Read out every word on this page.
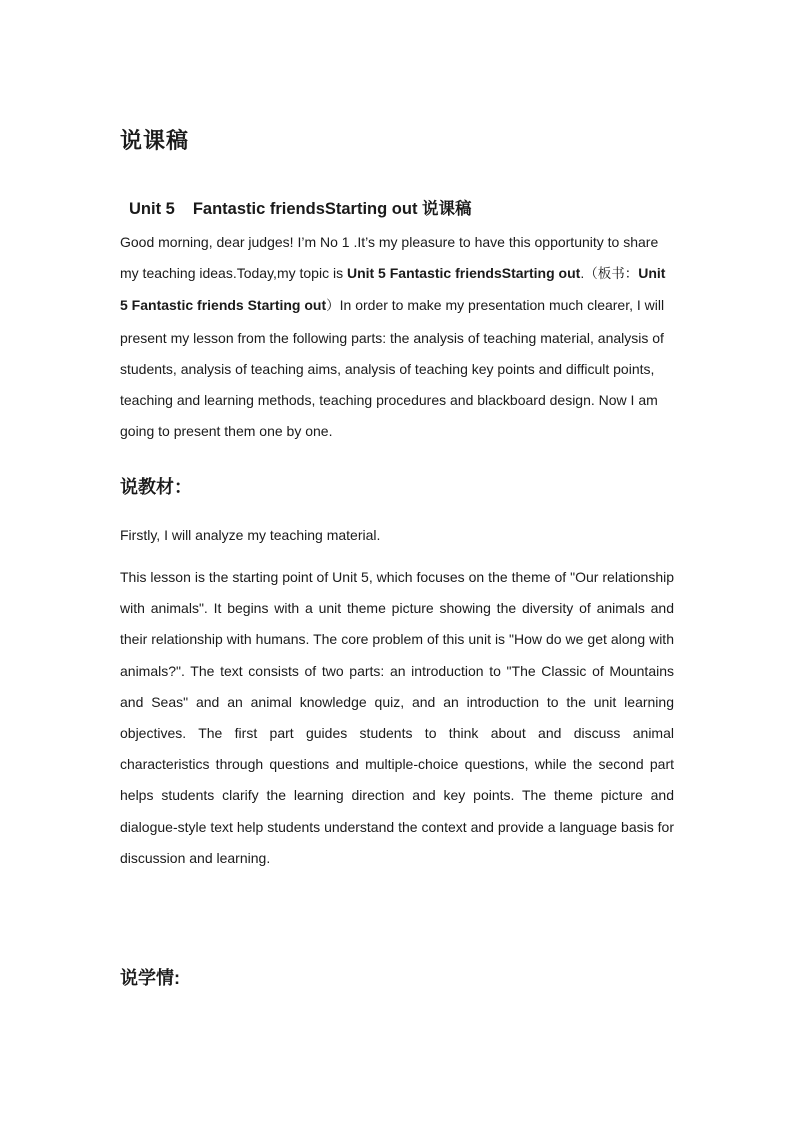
说课稿
Unit 5 Fantastic friendsStarting out 说课稿

Good morning, dear judges! I’m No 1 .It’s my pleasure to have this opportunity to share my teaching ideas.Today,my topic is Unit 5 Fantastic friendsStarting out.（板书：Unit 5 Fantastic friends Starting out）In order to make my presentation much clearer, I will present my lesson from the following parts: the analysis of teaching material, analysis of students, analysis of teaching aims, analysis of teaching key points and difficult points, teaching and learning methods, teaching procedures and blackboard design. Now I am going to present them one by one.

说教材：

Firstly, I will analyze my teaching material.

This lesson is the starting point of Unit 5, which focuses on the theme of "Our relationship with animals". It begins with a unit theme picture showing the diversity of animals and their relationship with humans. The core problem of this unit is "How do we get along with animals?". The text consists of two parts: an introduction to "The Classic of Mountains and Seas" and an animal knowledge quiz, and an introduction to the unit learning objectives. The first part guides students to think about and discuss animal characteristics through questions and multiple-choice questions, while the second part helps students clarify the learning direction and key points. The theme picture and dialogue-style text help students understand the context and provide a language basis for discussion and learning.

说学情:
